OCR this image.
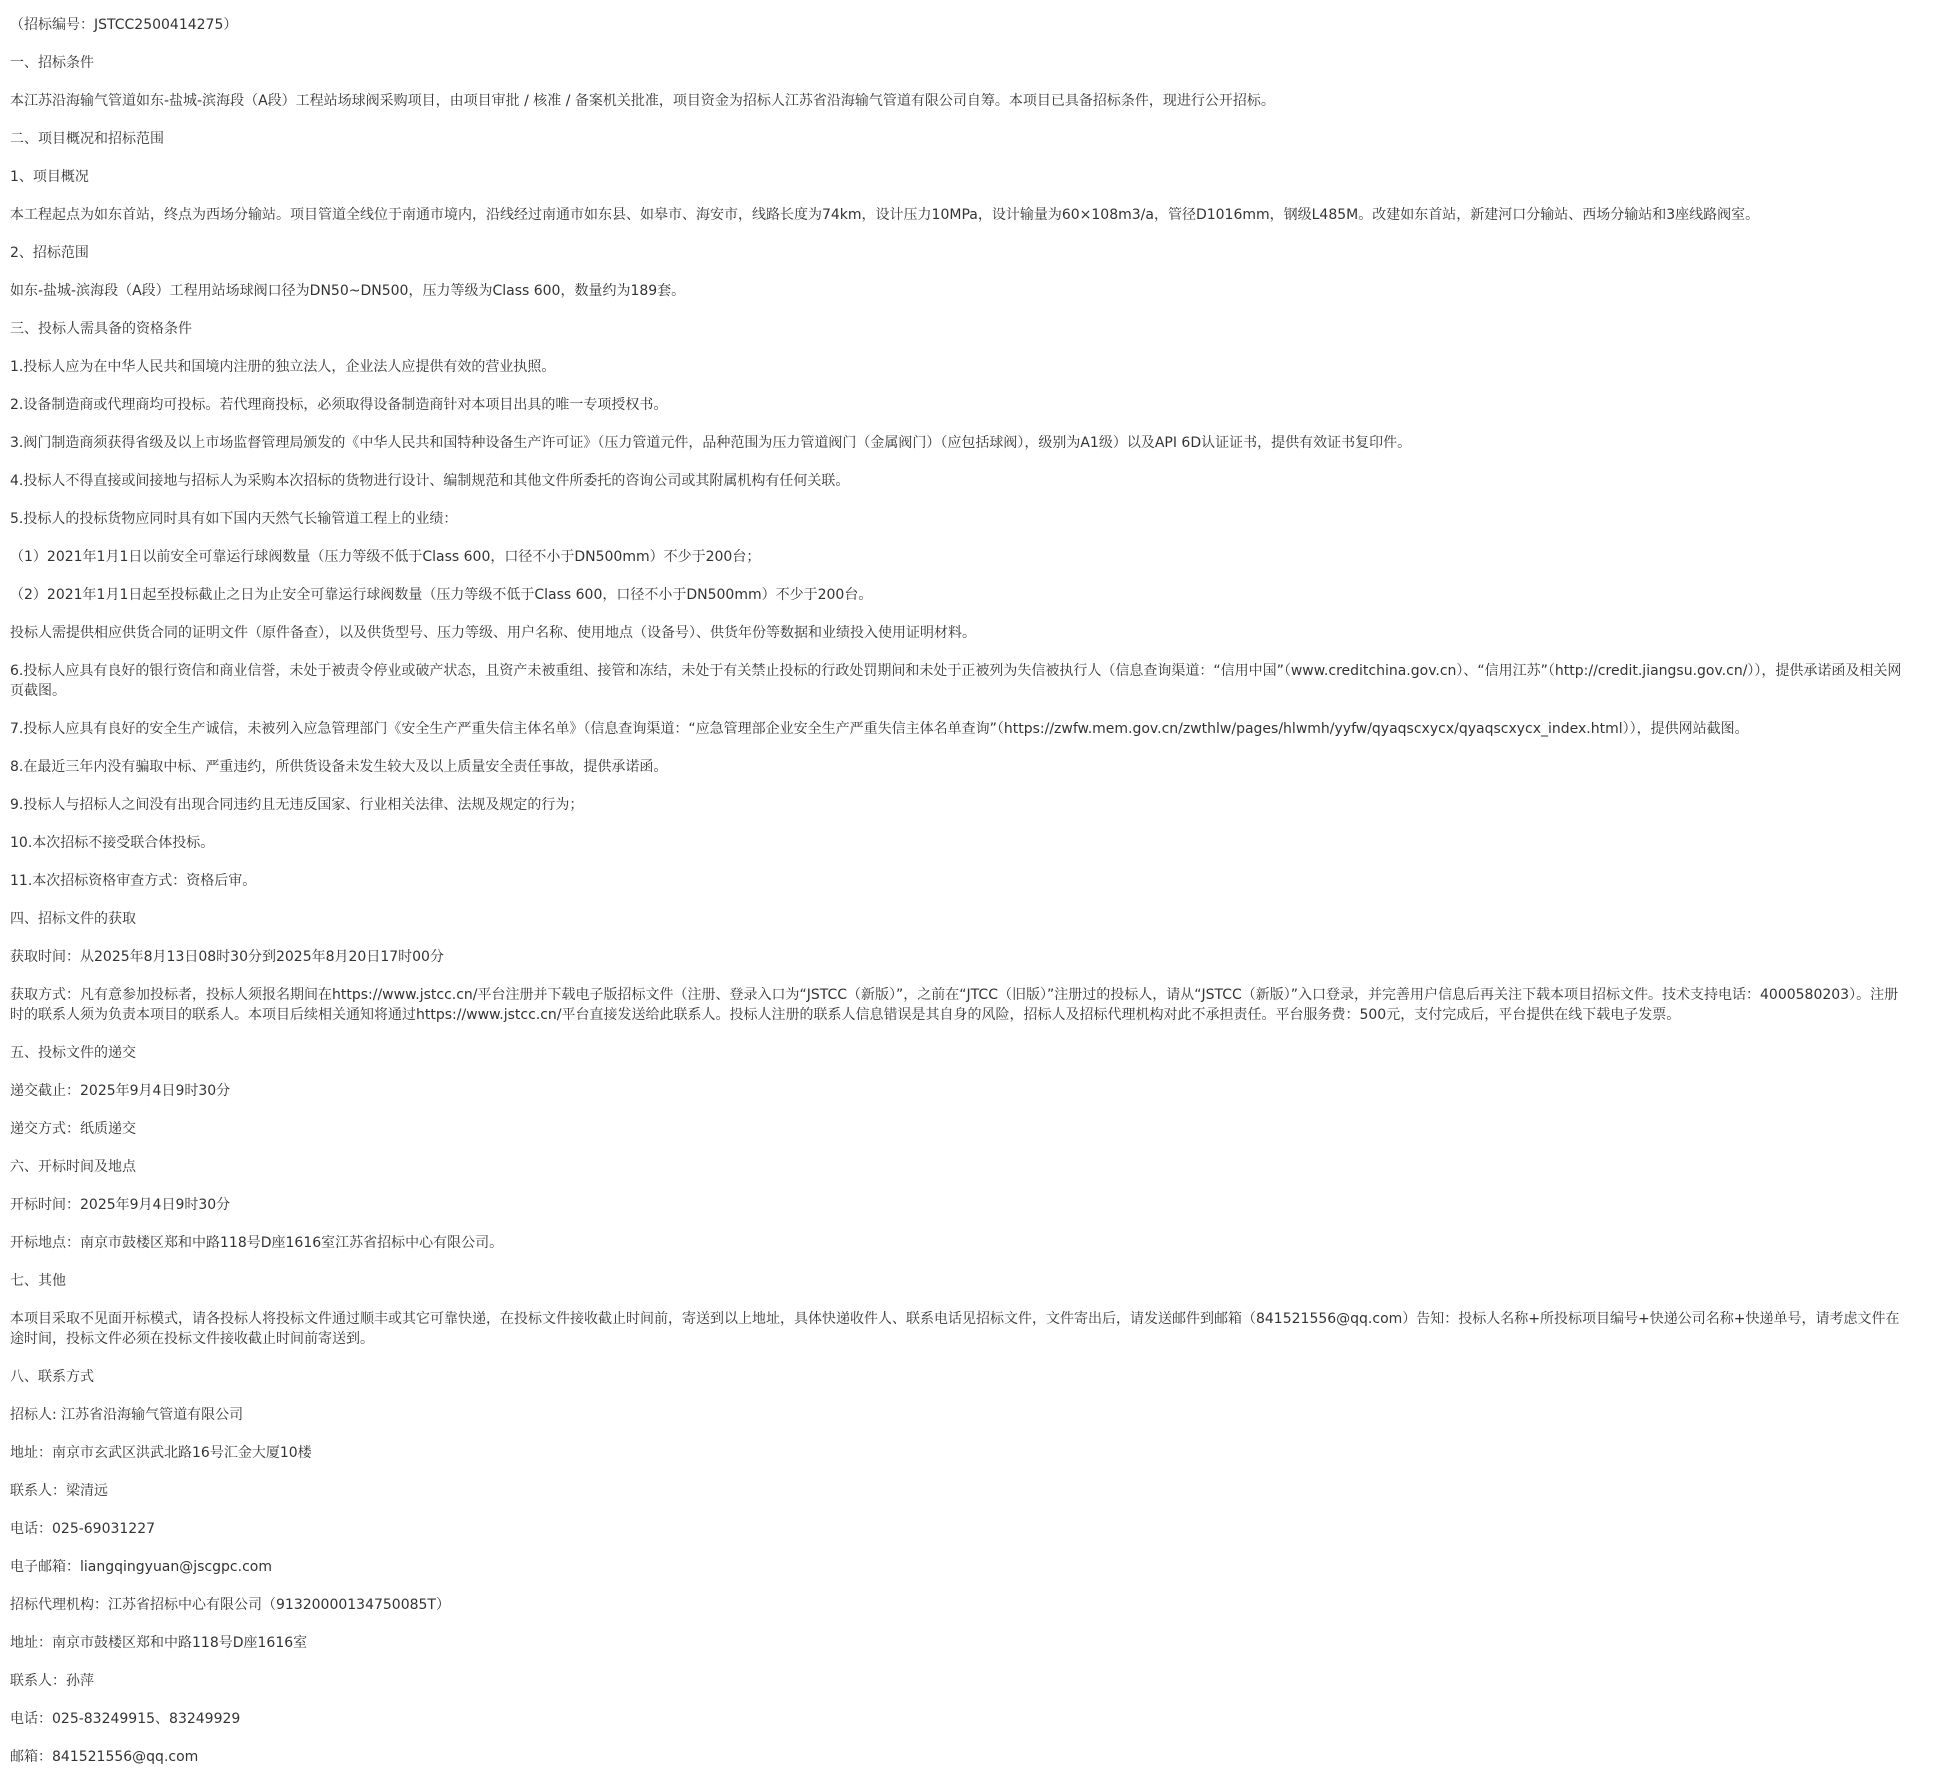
（招标编号：JSTCC2500414275）

一、招标条件

本江苏沿海输气管道如东-盐城-滨海段（A段）工程站场球阀采购项目，由项目审批 / 核准 / 备案机关批准，项目资金为招标人江苏省沿海输气管道有限公司自筹。本项目已具备招标条件，现进行公开招标。

二、项目概况和招标范围

1、项目概况

本工程起点为如东首站，终点为西场分输站。项目管道全线位于南通市境内，沿线经过南通市如东县、如皋市、海安市，线路长度为74km，设计压力10MPa，设计输量为60×108m3/a，管径D1016mm，钢级L485M。改建如东首站，新建河口分输站、西场分输站和3座线路阀室。

2、招标范围

如东-盐城-滨海段（A段）工程用站场球阀口径为DN50~DN500，压力等级为Class 600，数量约为189套。

三、投标人需具备的资格条件

1.投标人应为在中华人民共和国境内注册的独立法人，企业法人应提供有效的营业执照。

2.设备制造商或代理商均可投标。若代理商投标，必须取得设备制造商针对本项目出具的唯一专项授权书。

3.阀门制造商须获得省级及以上市场监督管理局颁发的《中华人民共和国特种设备生产许可证》（压力管道元件，品种范围为压力管道阀门（金属阀门）（应包括球阀），级别为A1级）以及API 6D认证证书，提供有效证书复印件。

4.投标人不得直接或间接地与招标人为采购本次招标的货物进行设计、编制规范和其他文件所委托的咨询公司或其附属机构有任何关联。

5.投标人的投标货物应同时具有如下国内天然气长输管道工程上的业绩：

（1）2021年1月1日以前安全可靠运行球阀数量（压力等级不低于Class 600，口径不小于DN500mm）不少于200台；

（2）2021年1月1日起至投标截止之日为止安全可靠运行球阀数量（压力等级不低于Class 600，口径不小于DN500mm）不少于200台。

投标人需提供相应供货合同的证明文件（原件备查），以及供货型号、压力等级、用户名称、使用地点（设备号）、供货年份等数据和业绩投入使用证明材料。

6.投标人应具有良好的银行资信和商业信誉，未处于被责令停业或破产状态，且资产未被重组、接管和冻结，未处于有关禁止投标的行政处罚期间和未处于正被列为失信被执行人（信息查询渠道：“信用中国”（www.creditchina.gov.cn）、“信用江苏”（http://credit.jiangsu.gov.cn/）），提供承诺函及相关网页截图。

7.投标人应具有良好的安全生产诚信，未被列入应急管理部门《安全生产严重失信主体名单》（信息查询渠道：“应急管理部企业安全生产严重失信主体名单查询”（https://zwfw.mem.gov.cn/zwthlw/pages/hlwmh/yyfw/qyaqscxycx/qyaqscxycx_index.html）），提供网站截图。

8.在最近三年内没有骗取中标、严重违约，所供货设备未发生较大及以上质量安全责任事故，提供承诺函。

9.投标人与招标人之间没有出现合同违约且无违反国家、行业相关法律、法规及规定的行为；

10.本次招标不接受联合体投标。

11.本次招标资格审查方式：资格后审。

四、招标文件的获取

获取时间：从2025年8月13日08时30分到2025年8月20日17时00分

获取方式：凡有意参加投标者，投标人须报名期间在https://www.jstcc.cn/平台注册并下载电子版招标文件（注册、登录入口为“JSTCC（新版）”，之前在“JTCC（旧版）”注册过的投标人，请从“JSTCC（新版）”入口登录，并完善用户信息后再关注下载本项目招标文件。技术支持电话：4000580203）。注册时的联系人须为负责本项目的联系人。本项目后续相关通知将通过https://www.jstcc.cn/平台直接发送给此联系人。投标人注册的联系人信息错误是其自身的风险，招标人及招标代理机构对此不承担责任。平台服务费：500元，支付完成后，平台提供在线下载电子发票。

五、投标文件的递交

递交截止：2025年9月4日9时30分

递交方式：纸质递交

六、开标时间及地点

开标时间：2025年9月4日9时30分

开标地点：南京市鼓楼区郑和中路118号D座1616室江苏省招标中心有限公司。

七、其他

本项目采取不见面开标模式，请各投标人将投标文件通过顺丰或其它可靠快递，在投标文件接收截止时间前，寄送到以上地址，具体快递收件人、联系电话见招标文件，文件寄出后，请发送邮件到邮箱（841521556@qq.com）告知：投标人名称+所投标项目编号+快递公司名称+快递单号，请考虑文件在途时间，投标文件必须在投标文件接收截止时间前寄送到。

八、联系方式

招标人: 江苏省沿海输气管道有限公司

地址：南京市玄武区洪武北路16号汇金大厦10楼

联系人：梁清远

电话：025-69031227

电子邮箱：liangqingyuan@jscgpc.com

招标代理机构：江苏省招标中心有限公司（91320000134750085T）

地址：南京市鼓楼区郑和中路118号D座1616室

联系人：孙萍

电话：025-83249915、83249929

邮箱：841521556@qq.com
